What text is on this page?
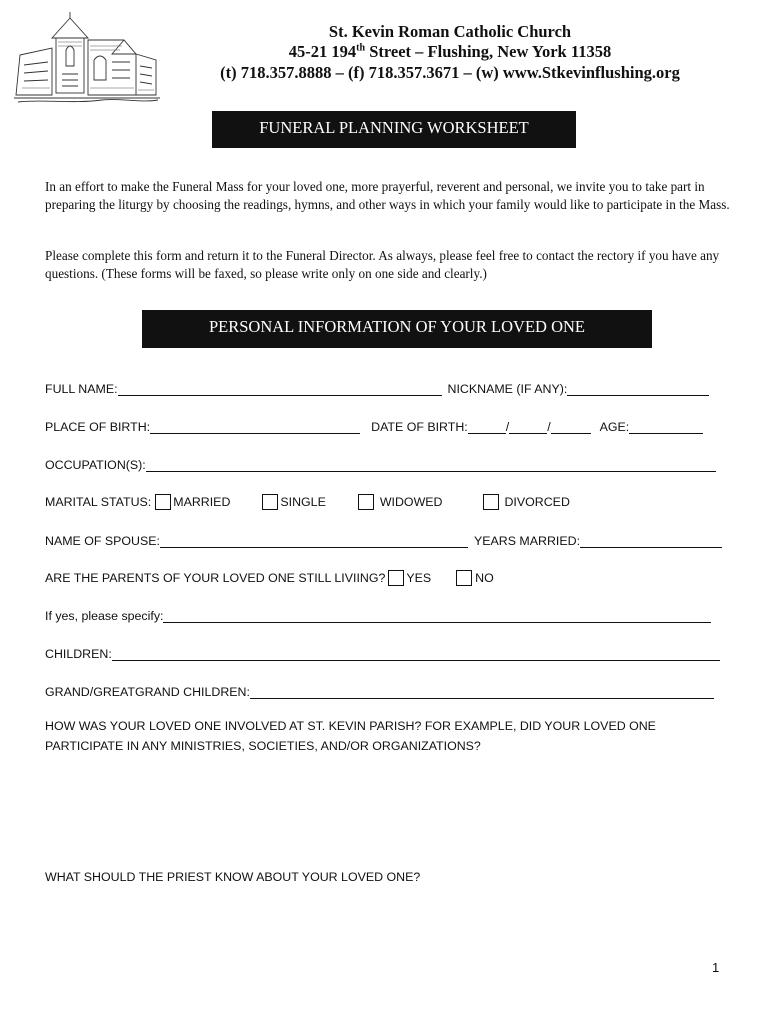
St. Kevin Roman Catholic Church
45-21 194th Street – Flushing, New York 11358
(t) 718.357.8888 – (f) 718.357.3671 – (w) www.Stkevinflushing.org
FUNERAL PLANNING WORKSHEET
In an effort to make the Funeral Mass for your loved one, more prayerful, reverent and personal, we invite you to take part in preparing the liturgy by choosing the readings, hymns, and other ways in which your family would like to participate in the Mass.
Please complete this form and return it to the Funeral Director. As always, please feel free to contact the rectory if you have any questions. (These forms will be faxed, so please write only on one side and clearly.)
PERSONAL INFORMATION OF YOUR LOVED ONE
FULL NAME:	NICKNAME (IF ANY):
PLACE OF BIRTH:	DATE OF BIRTH:	/	/	AGE:
OCCUPATION(S):
MARITAL STATUS: MARRIED	SINGLE	WIDOWED	DIVORCED
NAME OF SPOUSE:	YEARS MARRIED:
ARE THE PARENTS OF YOUR LOVED ONE STILL LIVIING? YES	NO
If yes, please specify:
CHILDREN:
GRAND/GREATGRAND CHILDREN:
HOW WAS YOUR LOVED ONE INVOLVED AT ST. KEVIN PARISH? FOR EXAMPLE, DID YOUR LOVED ONE
PARTICIPATE IN ANY MINISTRIES, SOCIETIES, AND/OR ORGANIZATIONS?
WHAT SHOULD THE PRIEST KNOW ABOUT YOUR LOVED ONE?
1
